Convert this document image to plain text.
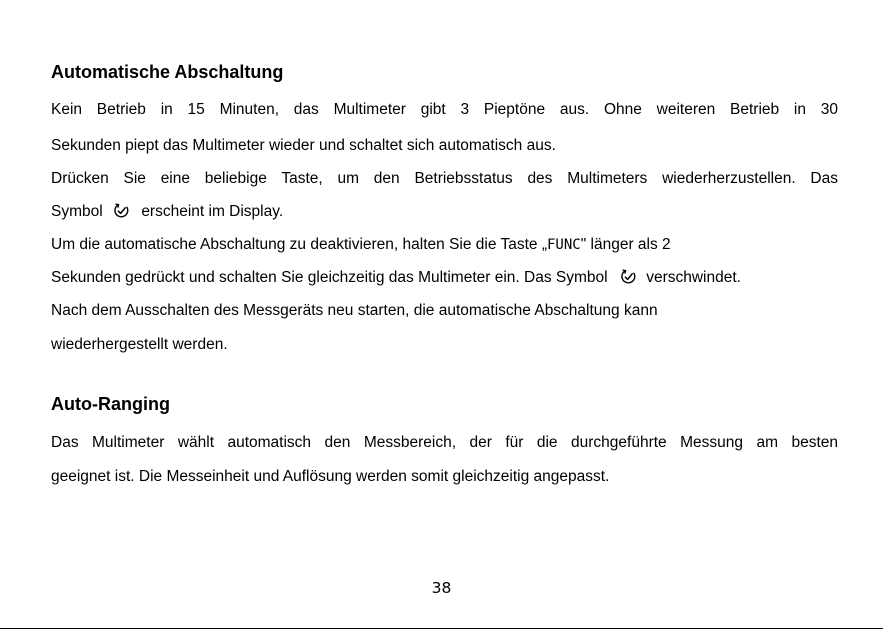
Automatische Abschaltung

Kein Betrieb in 15 Minuten, das Multimeter gibt 3 Pieptöne aus. Ohne weiteren Betrieb in 30

Sekunden piept das Multimeter wieder und schaltet sich automatisch aus.

Drücken Sie eine beliebige Taste, um den Betriebsstatus des Multimeters wiederherzustellen. Das

Symbol erscheint im Display.

Um die automatische Abschaltung zu deaktivieren, halten Sie die Taste „FUNC" länger als 2

Sekunden gedrückt und schalten Sie gleichzeitig das Multimeter ein. Das Symbol verschwindet.

Nach dem Ausschalten des Messgeräts neu starten, die automatische Abschaltung kann

wiederhergestellt werden.

Auto-Ranging

Das Multimeter wählt automatisch den Messbereich, der für die durchgeführte Messung am besten

geeignet ist. Die Messeinheit und Auflösung werden somit gleichzeitig angepasst.

38
